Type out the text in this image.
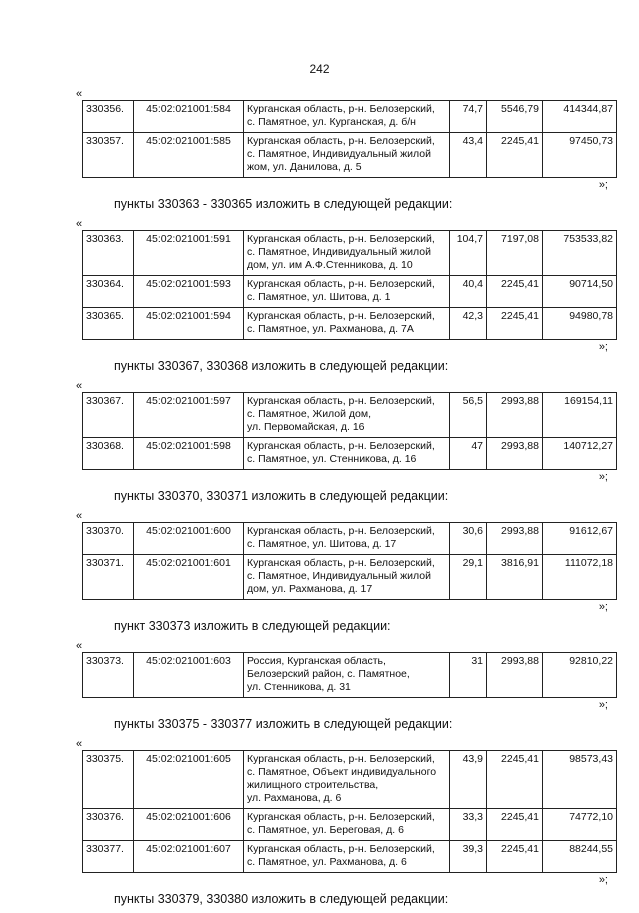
242
«
330356.	45:02:021001:584	Курганская область, р-н. Белозерский,
с. Памятное, ул. Курганская, д. б/н	74,7	5546,79	414344,87
330357.	45:02:021001:585	Курганская область, р-н. Белозерский,
с. Памятное, Индивидуальный жилой
жом, ул. Данилова, д. 5	43,4	2245,41	97450,73
»;
пункты 330363 - 330365 изложить в следующей редакции:
«
330363.	45:02:021001:591	Курганская область, р-н. Белозерский,
с. Памятное, Индивидуальный жилой
дом, ул. им А.Ф.Стенникова, д. 10	104,7	7197,08	753533,82
330364.	45:02:021001:593	Курганская область, р-н. Белозерский,
с. Памятное, ул. Шитова, д. 1	40,4	2245,41	90714,50
330365.	45:02:021001:594	Курганская область, р-н. Белозерский,
с. Памятное, ул. Рахманова, д. 7А	42,3	2245,41	94980,78
»;
пункты 330367, 330368 изложить в следующей редакции:
«
330367.	45:02:021001:597	Курганская область, р-н. Белозерский,
с. Памятное, Жилой дом,
ул. Первомайская, д. 16	56,5	2993,88	169154,11
330368.	45:02:021001:598	Курганская область, р-н. Белозерский,
с. Памятное, ул. Стенникова, д. 16	47	2993,88	140712,27
»;
пункты 330370, 330371 изложить в следующей редакции:
«
330370.	45:02:021001:600	Курганская область, р-н. Белозерский,
с. Памятное, ул. Шитова, д. 17	30,6	2993,88	91612,67
330371.	45:02:021001:601	Курганская область, р-н. Белозерский,
с. Памятное, Индивидуальный жилой
дом, ул. Рахманова, д. 17	29,1	3816,91	111072,18
»;
пункт 330373 изложить в следующей редакции:
«
330373.	45:02:021001:603	Россия, Курганская область,
Белозерский район, с. Памятное,
ул. Стенникова, д. 31
	31	2993,88	92810,22
»;
пункты 330375 - 330377 изложить в следующей редакции:
«
330375.	45:02:021001:605	Курганская область, р-н. Белозерский,
с. Памятное, Объект индивидуального
жилищного строительства,
ул. Рахманова, д. 6	43,9	2245,41	98573,43
330376.	45:02:021001:606	Курганская область, р-н. Белозерский,
с. Памятное, ул. Береговая, д. 6	33,3	2245,41	74772,10
330377.	45:02:021001:607	Курганская область, р-н. Белозерский,
с. Памятное, ул. Рахманова, д. 6	39,3	2245,41	88244,55
»;
пункты 330379, 330380 изложить в следующей редакции:
